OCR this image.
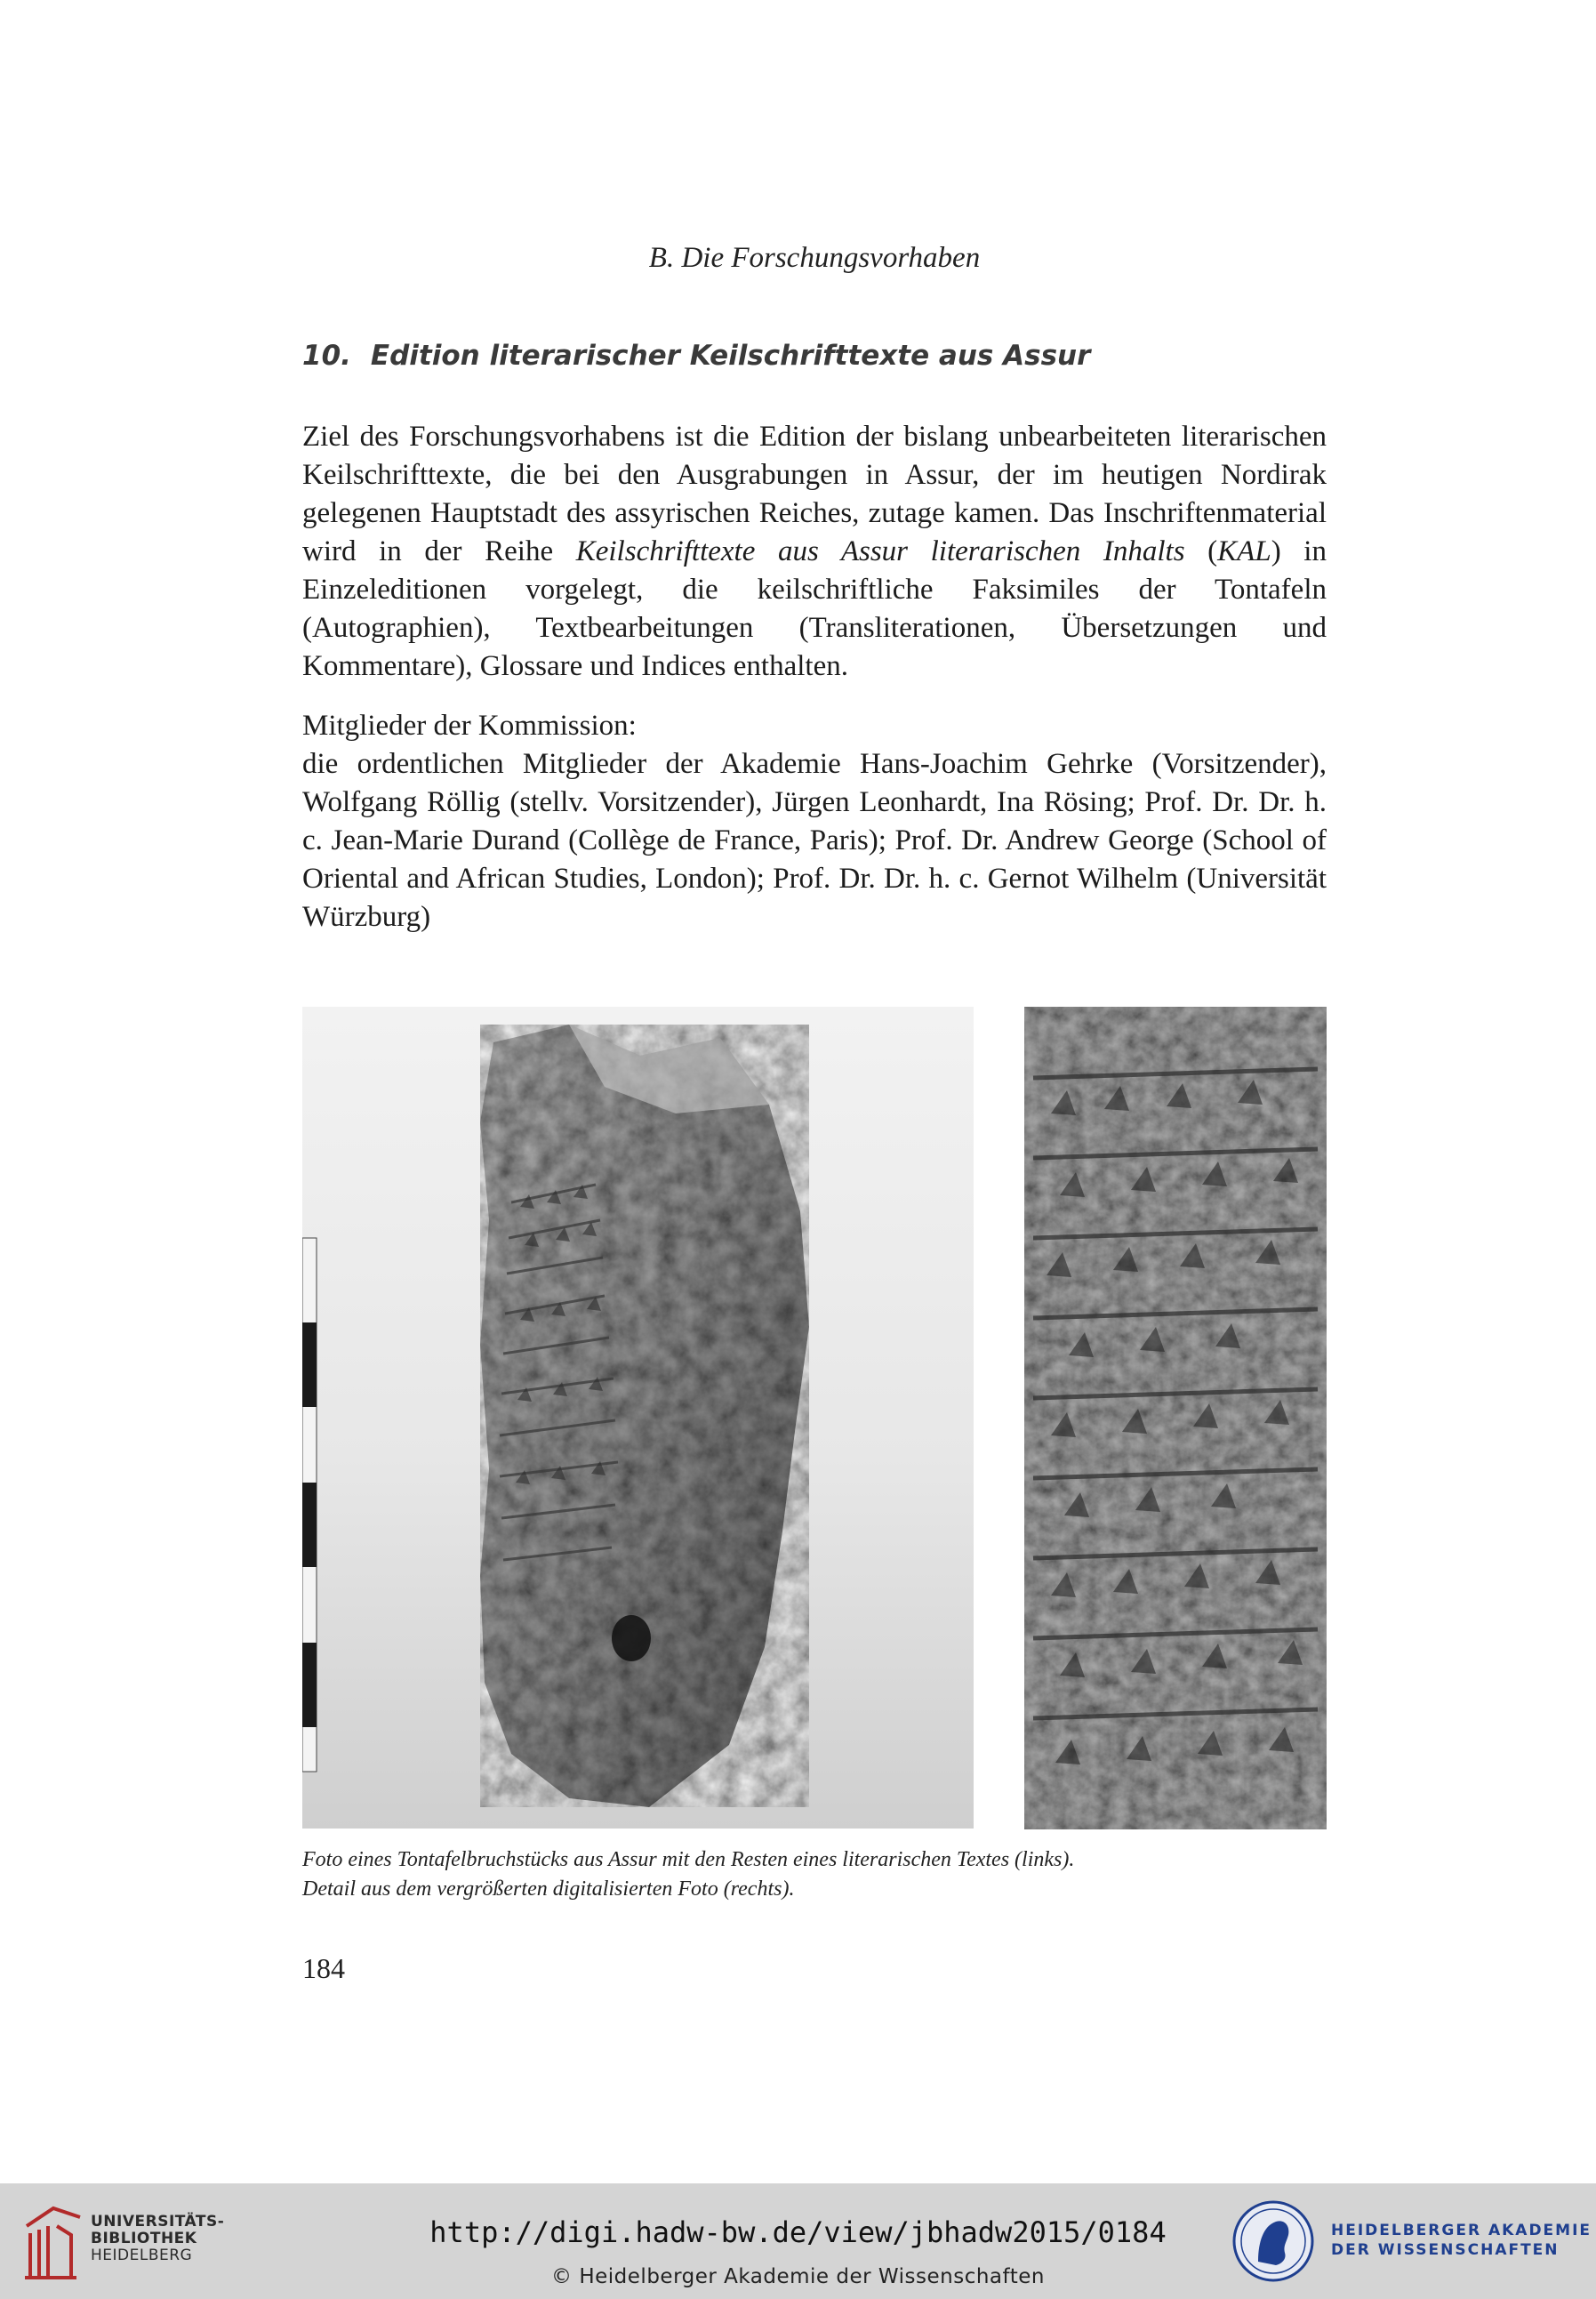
B. Die Forschungsvorhaben
10. Edition literarischer Keilschrifttexte aus Assur
Ziel des Forschungsvorhabens ist die Edition der bislang unbearbeiteten literarischen Keilschrifttexte, die bei den Ausgrabungen in Assur, der im heutigen Nordirak gelegenen Hauptstadt des assyrischen Reiches, zutage kamen. Das Inschriftenmaterial wird in der Reihe Keilschrifttexte aus Assur literarischen Inhalts (KAL) in Einzeleditionen vorgelegt, die keilschriftliche Faksimiles der Tontafeln (Autographien), Textbearbeitungen (Transliterationen, Übersetzungen und Kommentare), Glossare und Indices enthalten.
Mitglieder der Kommission:
die ordentlichen Mitglieder der Akademie Hans-Joachim Gehrke (Vorsitzender), Wolfgang Röllig (stellv. Vorsitzender), Jürgen Leonhardt, Ina Rösing; Prof. Dr. Dr. h. c. Jean-Marie Durand (Collège de France, Paris); Prof. Dr. Andrew George (School of Oriental and African Studies, London); Prof. Dr. Dr. h. c. Gernot Wilhelm (Universität Würzburg)
Foto eines Tontafelbruchstücks aus Assur mit den Resten eines literarischen Textes (links).
Detail aus dem vergrößerten digitalisierten Foto (rechts).
184
UNIVERSITÄTS-
BIBLIOTHEK
HEIDELBERG
http://digi.hadw-bw.de/view/jbhadw2015/0184
© Heidelberger Akademie der Wissenschaften
HEIDELBERGER AKADEMIE
DER WISSENSCHAFTEN
